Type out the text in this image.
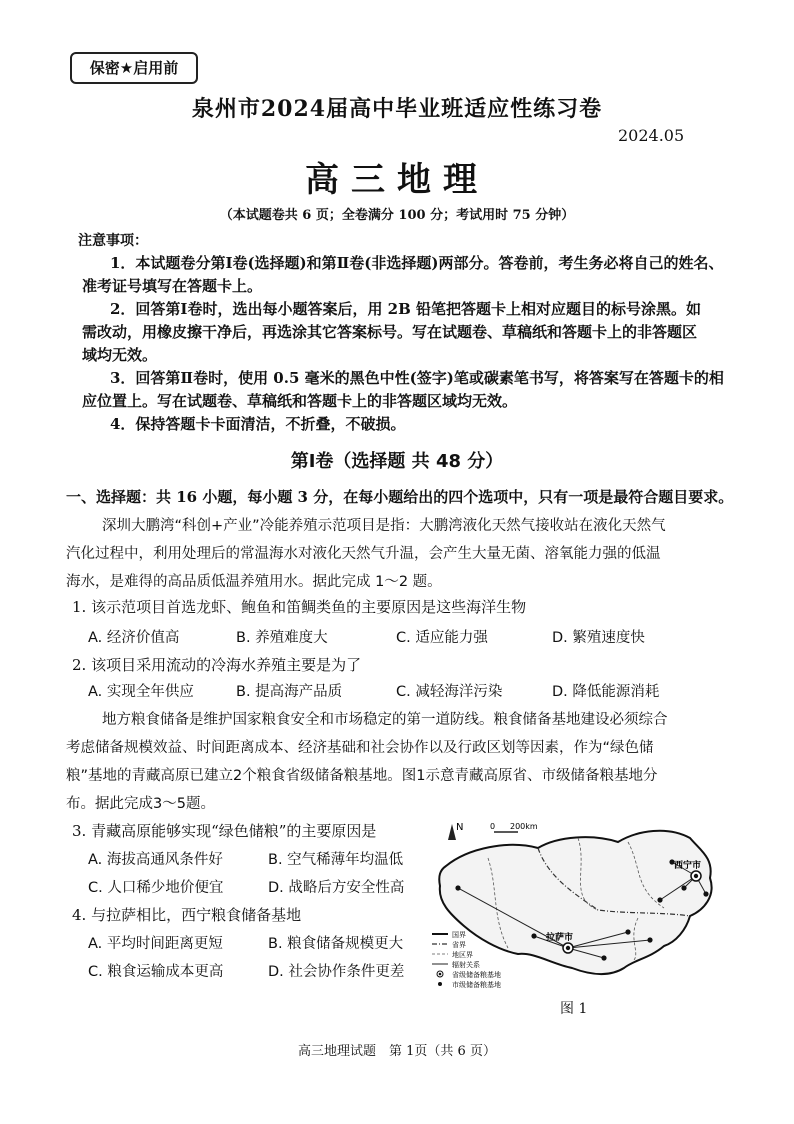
保密★启用前
泉州市2024届高中毕业班适应性练习卷
2024.05
高三地理
（本试题卷共 6 页；全卷满分 100 分；考试用时 75 分钟）
注意事项：
1．本试题卷分第Ⅰ卷(选择题)和第Ⅱ卷(非选择题)两部分。答卷前，考生务必将自己的姓名、
准考证号填写在答题卡上。
2．回答第Ⅰ卷时，选出每小题答案后，用 2B 铅笔把答题卡上相对应题目的标号涂黑。如
需改动，用橡皮擦干净后，再选涂其它答案标号。写在试题卷、草稿纸和答题卡上的非答题区
域均无效。
3．回答第Ⅱ卷时，使用 0.5 毫米的黑色中性(签字)笔或碳素笔书写，将答案写在答题卡的相
应位置上。写在试题卷、草稿纸和答题卡上的非答题区域均无效。
4．保持答题卡卡面清洁，不折叠，不破损。
第Ⅰ卷（选择题 共 48 分）
一、选择题：共 16 小题，每小题 3 分，在每小题给出的四个选项中，只有一项是最符合题目要求。
深圳大鹏湾“科创+产业”冷能养殖示范项目是指：大鹏湾液化天然气接收站在液化天然气
汽化过程中，利用处理后的常温海水对液化天然气升温，会产生大量无菌、溶氧能力强的低温
海水，是难得的高品质低温养殖用水。据此完成 1～2 题。
1. 该示范项目首选龙虾、鲍鱼和笛鲷类鱼的主要原因是这些海洋生物
A. 经济价值高	B. 养殖难度大	C. 适应能力强	D. 繁殖速度快
2. 该项目采用流动的冷海水养殖主要是为了
A. 实现全年供应	B. 提高海产品质	C. 减轻海洋污染	D. 降低能源消耗
地方粮食储备是维护国家粮食安全和市场稳定的第一道防线。粮食储备基地建设必须综合
考虑储备规模效益、时间距离成本、经济基础和社会协作以及行政区划等因素，作为“绿色储
粮”基地的青藏高原已建立2个粮食省级储备粮基地。图1示意青藏高原省、市级储备粮基地分
布。据此完成3～5题。
3. 青藏高原能够实现“绿色储粮”的主要原因是
A. 海拔高通风条件好	B. 空气稀薄年均温低
C. 人口稀少地价便宜	D. 战略后方安全性高
4. 与拉萨相比，西宁粮食储备基地
A. 平均时间距离更短	B. 粮食储备规模更大
C. 粮食运输成本更高	D. 社会协作条件更差
N	0 200km
拉萨市
西宁市
国界
省界
地区界
辐射关系
省级储备粮基地
市级储备粮基地
图 1
高三地理试题　第 1页（共 6 页）
